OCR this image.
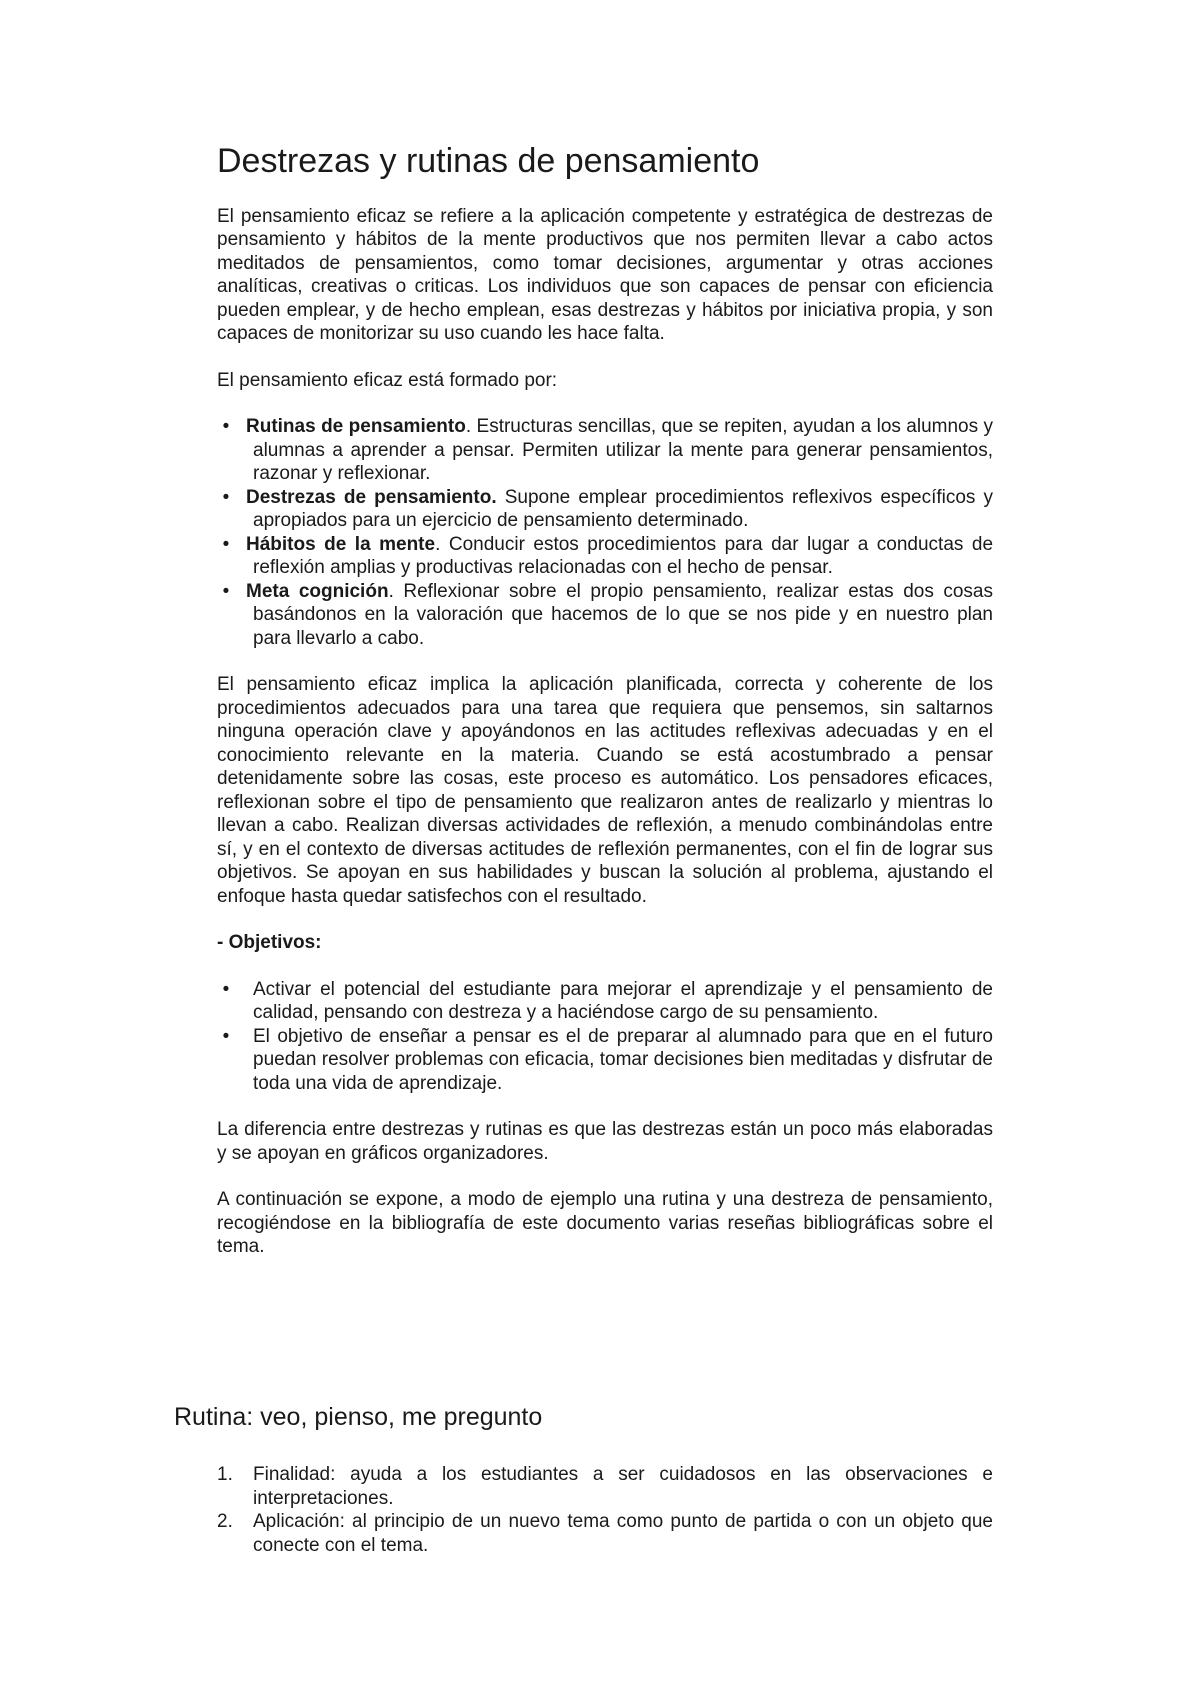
Destrezas y rutinas de pensamiento

El pensamiento eficaz se refiere a la aplicación competente y estratégica de destrezas de pensamiento y hábitos de la mente productivos que nos permiten llevar a cabo actos meditados de pensamientos, como tomar decisiones, argumentar y otras acciones analíticas, creativas o criticas. Los individuos que son capaces de pensar con eficiencia pueden emplear, y de hecho emplean, esas destrezas y hábitos por iniciativa propia, y son capaces de monitorizar su uso cuando les hace falta.

El pensamiento eficaz está formado por:

• Rutinas de pensamiento. Estructuras sencillas, que se repiten, ayudan a los alumnos y alumnas a aprender a pensar. Permiten utilizar la mente para generar pensamientos, razonar y reflexionar.
• Destrezas de pensamiento. Supone emplear procedimientos reflexivos específicos y apropiados para un ejercicio de pensamiento determinado.
• Hábitos de la mente. Conducir estos procedimientos para dar lugar a conductas de reflexión amplias y productivas relacionadas con el hecho de pensar.
• Meta cognición. Reflexionar sobre el propio pensamiento, realizar estas dos cosas basándonos en la valoración que hacemos de lo que se nos pide y en nuestro plan para llevarlo a cabo.

El pensamiento eficaz implica la aplicación planificada, correcta y coherente de los procedimientos adecuados para una tarea que requiera que pensemos, sin saltarnos ninguna operación clave y apoyándonos en las actitudes reflexivas adecuadas y en el conocimiento relevante en la materia. Cuando se está acostumbrado a pensar detenidamente sobre las cosas, este proceso es automático. Los pensadores eficaces, reflexionan sobre el tipo de pensamiento que realizaron antes de realizarlo y mientras lo llevan a cabo. Realizan diversas actividades de reflexión, a menudo combinándolas entre sí, y en el contexto de diversas actitudes de reflexión permanentes, con el fin de lograr sus objetivos. Se apoyan en sus habilidades y buscan la solución al problema, ajustando el enfoque hasta quedar satisfechos con el resultado.

- Objetivos:
• Activar el potencial del estudiante para mejorar el aprendizaje y el pensamiento de calidad, pensando con destreza y a haciéndose cargo de su pensamiento.
• El objetivo de enseñar a pensar es el de preparar al alumnado para que en el futuro puedan resolver problemas con eficacia, tomar decisiones bien meditadas y disfrutar de toda una vida de aprendizaje.

La diferencia entre destrezas y rutinas es que las destrezas están un poco más elaboradas y se apoyan en gráficos organizadores.

A continuación se expone, a modo de ejemplo una rutina y una destreza de pensamiento, recogiéndose en la bibliografía de este documento varias reseñas bibliográficas sobre el tema.

Rutina: veo, pienso, me pregunto
1. Finalidad: ayuda a los estudiantes a ser cuidadosos en las observaciones e interpretaciones.
2. Aplicación: al principio de un nuevo tema como punto de partida o con un objeto que conecte con el tema.
